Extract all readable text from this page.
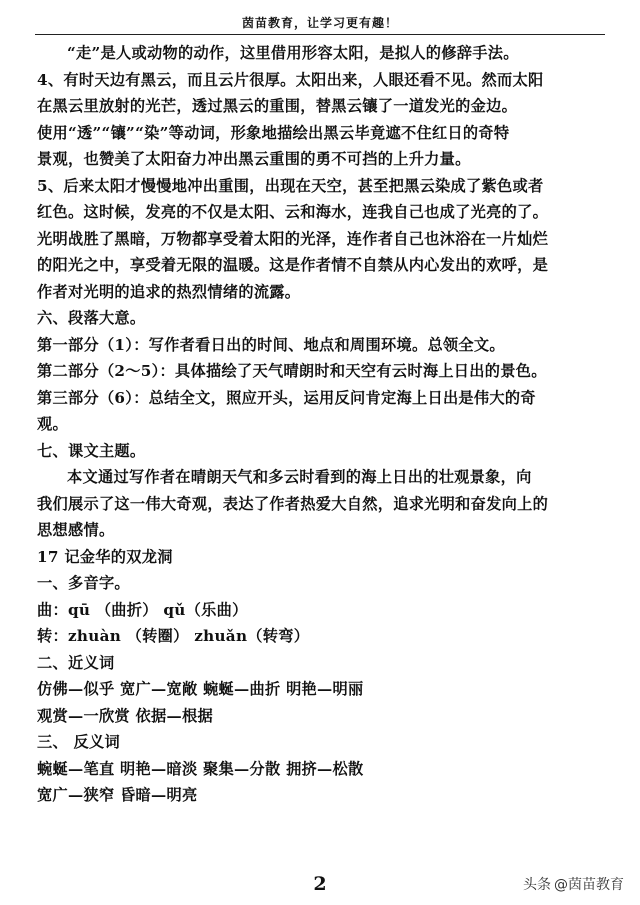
茵苗教育，让学习更有趣！
“走”是人或动物的动作，这里借用形容太阳，是拟人的修辞手法。
4、有时天边有黑云，而且云片很厚。太阳出来，人眼还看不见。然而太阳
在黑云里放射的光芒，透过黑云的重围，替黑云镶了一道发光的金边。
使用“透”“镶”“染”等动词，形象地描绘出黑云毕竟遮不住红日的奇特
景观，也赞美了太阳奋力冲出黑云重围的勇不可挡的上升力量。
5、后来太阳才慢慢地冲出重围，出现在天空，甚至把黑云染成了紫色或者
红色。这时候，发亮的不仅是太阳、云和海水，连我自己也成了光亮的了。
光明战胜了黑暗，万物都享受着太阳的光泽，连作者自己也沐浴在一片灿烂
的阳光之中，享受着无限的温暖。这是作者情不自禁从内心发出的欢呼，是
作者对光明的追求的热烈情绪的流露。
六、段落大意。
第一部分（1）：写作者看日出的时间、地点和周围环境。总领全文。
第二部分（2～5）：具体描绘了天气晴朗时和天空有云时海上日出的景色。
第三部分（6）：总结全文，照应开头，运用反问肯定海上日出是伟大的奇
观。
七、课文主题。
本文通过写作者在晴朗天气和多云时看到的海上日出的壮观景象，向
我们展示了这一伟大奇观，表达了作者热爱大自然，追求光明和奋发向上的
思想感情。
17 记金华的双龙洞
一、多音字。
曲：qū （曲折） qǔ（乐曲）
转：zhuàn （转圈） zhuǎn（转弯）
二、近义词
仿佛—似乎 宽广—宽敞 蜿蜒—曲折 明艳—明丽
观赏—一欣赏 依据—根据
三、 反义词
蜿蜒—笔直 明艳—暗淡 聚集—分散 拥挤—松散
宽广—狭窄 昏暗—明亮
2	头条 @茵苗教育
